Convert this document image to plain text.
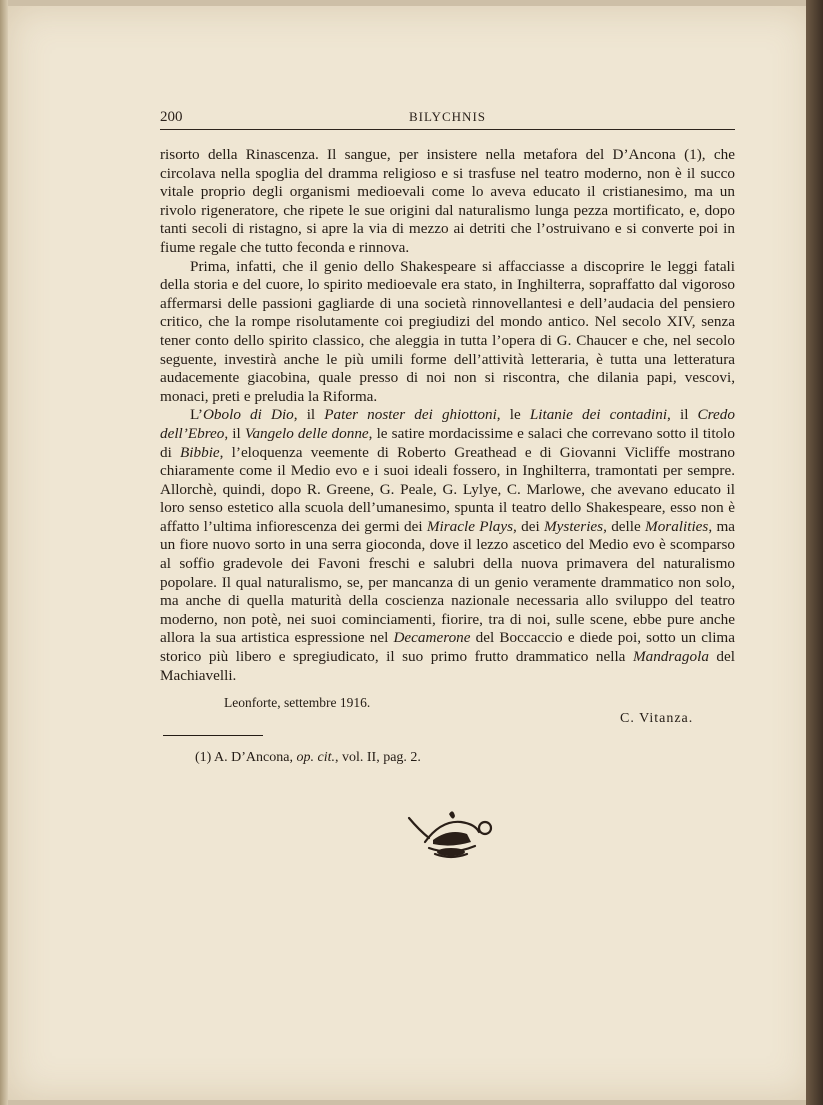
200	BILYCHNIS

risorto della Rinascenza. Il sangue, per insistere nella metafora del D’Ancona (1), che circolava nella spoglia del dramma religioso e si trasfuse nel teatro moderno, non è il succo vitale proprio degli organismi medioevali come lo aveva educato il cristianesimo, ma un rivolo rigeneratore, che ripete le sue origini dal naturalismo lunga pezza mortificato, e, dopo tanti secoli di ristagno, si apre la via di mezzo ai detriti che l’ostruivano e si converte poi in fiume regale che tutto feconda e rinnova.

Prima, infatti, che il genio dello Shakespeare si affacciasse a discoprire le leggi fatali della storia e del cuore, lo spirito medioevale era stato, in Inghilterra, sopraffatto dal vigoroso affermarsi delle passioni gagliarde di una società rinnovellantesi e dell’audacia del pensiero critico, che la rompe risolutamente coi pregiudizi del mondo antico. Nel secolo XIV, senza tener conto dello spirito classico, che aleggia in tutta l’opera di G. Chaucer e che, nel secolo seguente, investirà anche le più umili forme dell’attività letteraria, è tutta una letteratura audacemente giacobina, quale presso di noi non si riscontra, che dilania papi, vescovi, monaci, preti e preludia la Riforma.

L’Obolo di Dio, il Pater noster dei ghiottoni, le Litanie dei contadini, il Credo dell’Ebreo, il Vangelo delle donne, le satire mordacissime e salaci che correvano sotto il titolo di Bibbie, l’eloquenza veemente di Roberto Greathead e di Giovanni Vicliffe mostrano chiaramente come il Medio evo e i suoi ideali fossero, in Inghilterra, tramontati per sempre. Allorchè, quindi, dopo R. Greene, G. Peale, G. Lylye, C. Marlowe, che avevano educato il loro senso estetico alla scuola dell’umanesimo, spunta il teatro dello Shakespeare, esso non è affatto l’ultima infiorescenza dei germi dei Miracle Plays, dei Mysteries, delle Moralities, ma un fiore nuovo sorto in una serra gioconda, dove il lezzo ascetico del Medio evo è scomparso al soffio gradevole dei Favoni freschi e salubri della nuova primavera del naturalismo popolare. Il qual naturalismo, se, per mancanza di un genio veramente drammatico non solo, ma anche di quella maturità della coscienza nazionale necessaria allo sviluppo del teatro moderno, non potè, nei suoi cominciamenti, fiorire, tra di noi, sulle scene, ebbe pure anche allora la sua artistica espressione nel Decamerone del Boccaccio e diede poi, sotto un clima storico più libero e spregiudicato, il suo primo frutto drammatico nella Mandragola del Machiavelli.

Leonforte, settembre 1916.
C. Vitanza.
(1) A. D’Ancona, op. cit., vol. II, pag. 2.
